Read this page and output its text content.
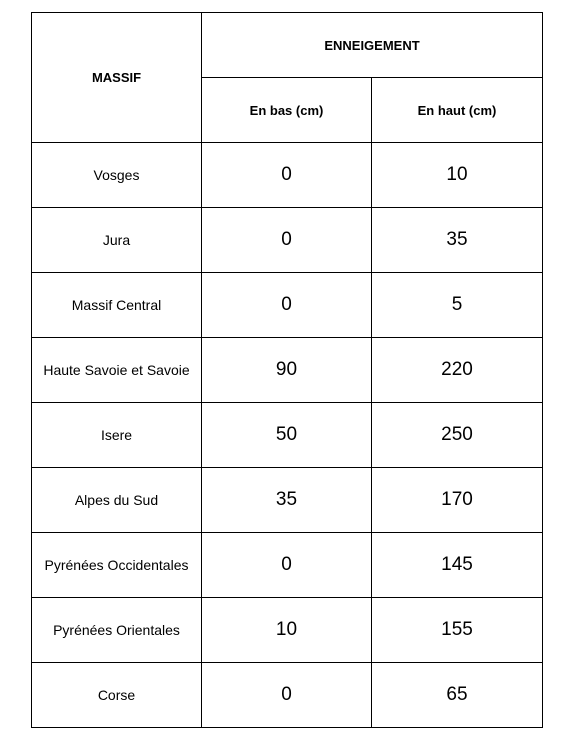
MASSIF	ENNEIGEMENT	
	En bas (cm)	En haut (cm)
Vosges	0	10
Jura	0	35
Massif Central	0	5
Haute Savoie et Savoie	90	220
Isere	50	250
Alpes du Sud	35	170
Pyrénées Occidentales	0	145
Pyrénées Orientales	10	155
Corse	0	65
